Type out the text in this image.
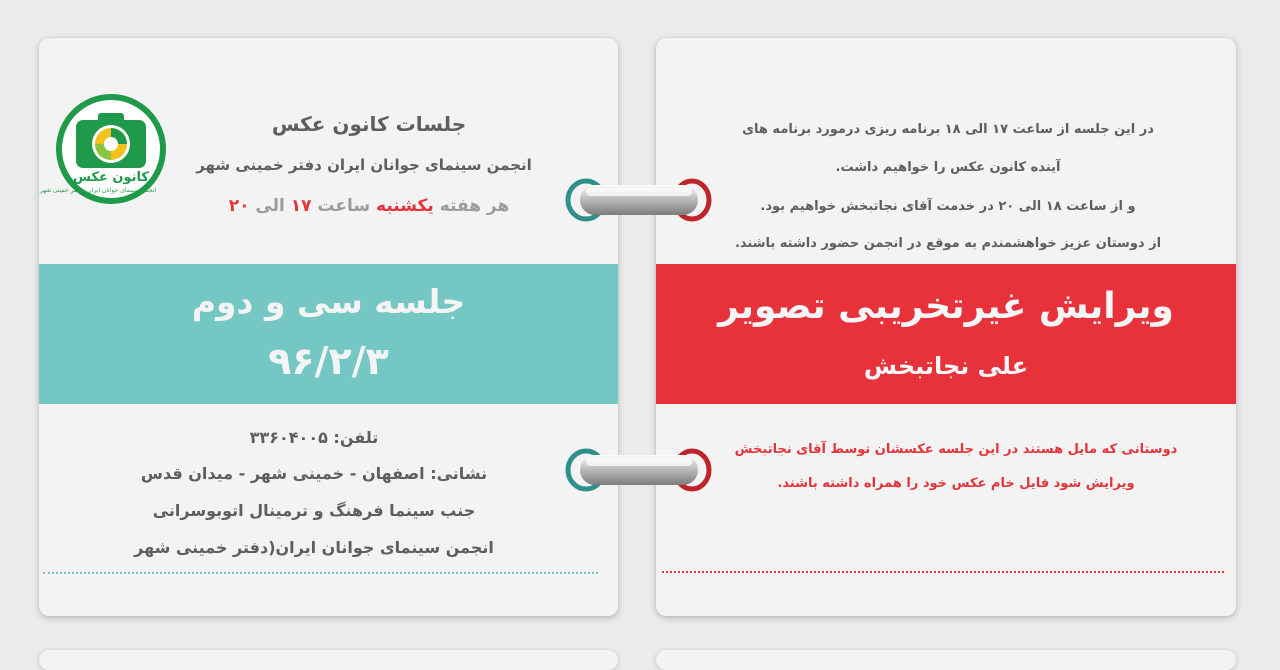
کانون عکس
انجمن سینمای جوانان ایران - دفتر خمینی شهر
جلسات کانون عکس
انجمن سینمای جوانان ایران دفتر خمینی شهر
هر هفته یکشنبه ساعت ۱۷ الی ۲۰
جلسه سی و دوم
۹۶/۲/۳
تلفن: ۳۳۶۰۴۰۰۵
نشانی: اصفهان - خمینی شهر - میدان قدس
جنب سینما فرهنگ و ترمینال اتوبوسرانی
انجمن سینمای جوانان ایران(دفتر خمینی شهر
در این جلسه از ساعت ۱۷ الی ۱۸ برنامه ریزی درمورد برنامه های
آینده کانون عکس را خواهیم داشت.
و از ساعت ۱۸ الی ۲۰ در خدمت آقای نجاتبخش خواهیم بود.
از دوستان عزیز خواهشمندم به موقع در انجمن حضور داشته باشند.
ویرایش غیرتخریبی تصویر
علی نجاتبخش
دوستانی که مایل هستند در این جلسه عکسشان توسط آقای نجاتبخش
ویرایش شود فایل خام عکس خود را همراه داشته باشند.
